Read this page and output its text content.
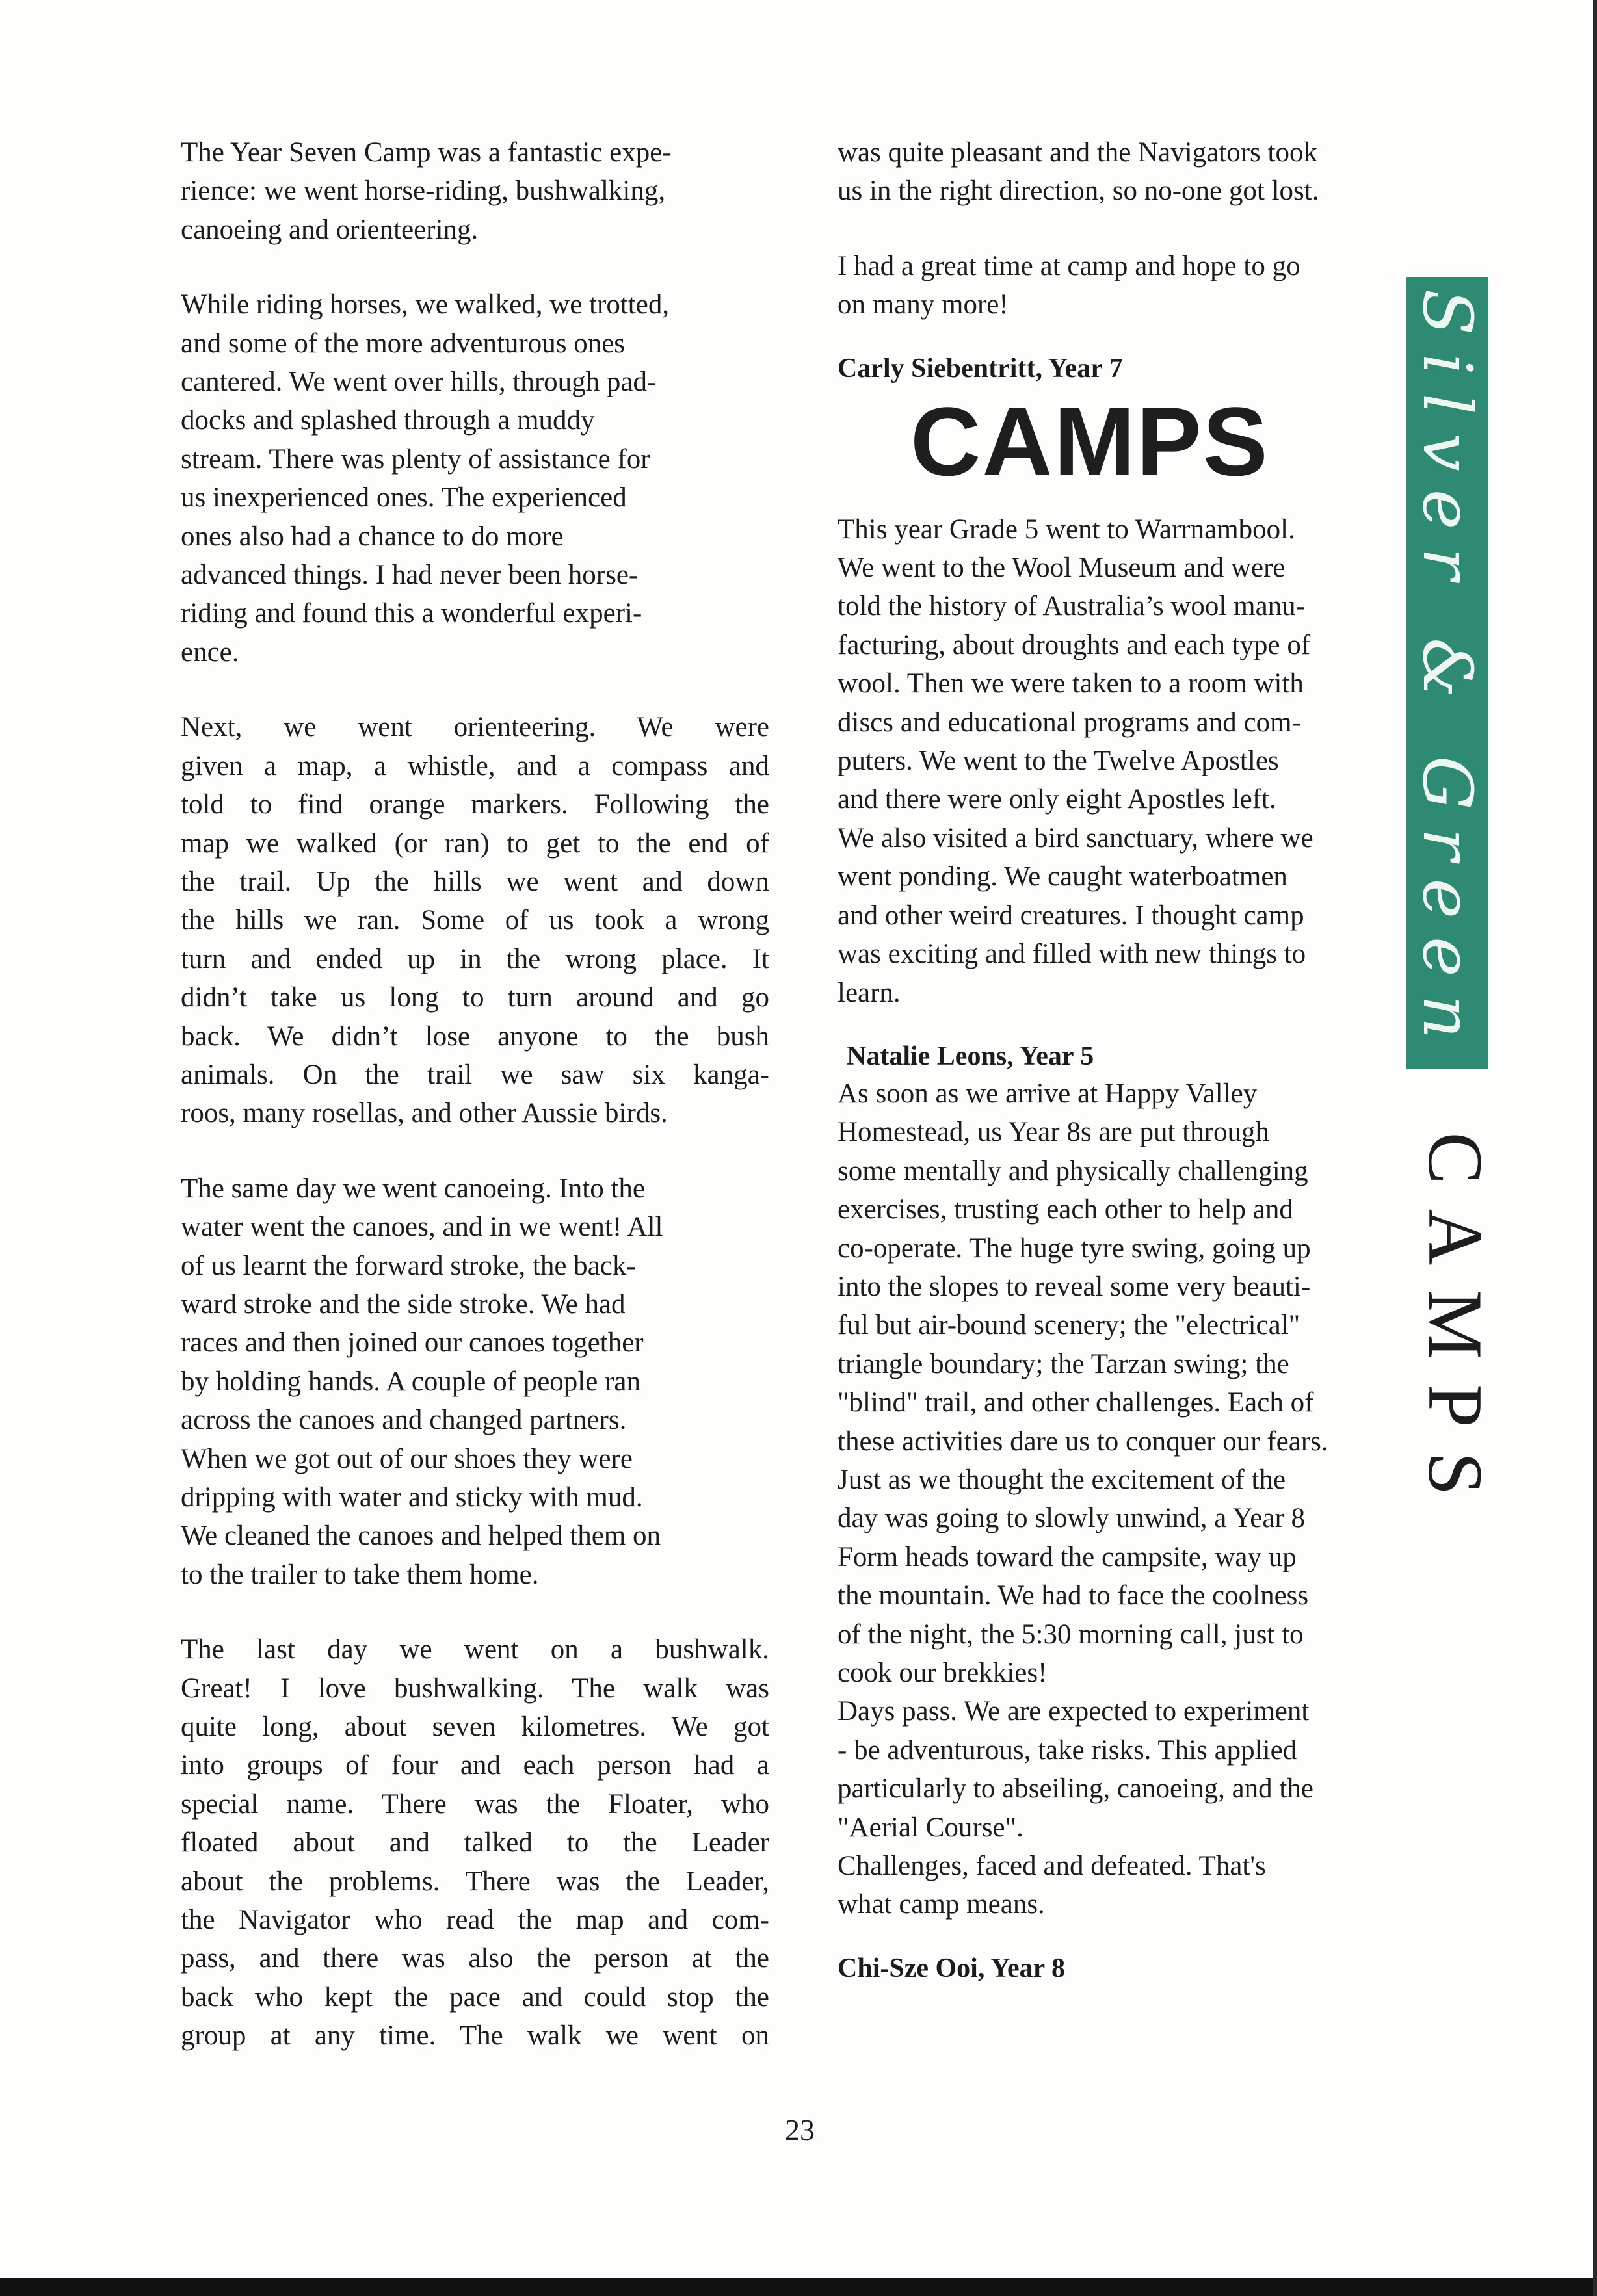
The Year Seven Camp was a fantastic expe-
rience: we went horse-riding, bushwalking,
canoeing and orienteering.
While riding horses, we walked, we trotted,
and some of the more adventurous ones
cantered. We went over hills, through pad-
docks and splashed through a muddy
stream. There was plenty of assistance for
us inexperienced ones. The experienced
ones also had a chance to do more
advanced things. I had never been horse-
riding and found this a wonderful experi-
ence.
Next, we went orienteering. We were
given a map, a whistle, and a compass and
told to find orange markers. Following the
map we walked (or ran) to get to the end of
the trail. Up the hills we went and down
the hills we ran. Some of us took a wrong
turn and ended up in the wrong place. It
didn’t take us long to turn around and go
back. We didn’t lose anyone to the bush
animals. On the trail we saw six kanga-
roos, many rosellas, and other Aussie birds.
The same day we went canoeing. Into the
water went the canoes, and in we went! All
of us learnt the forward stroke, the back-
ward stroke and the side stroke. We had
races and then joined our canoes together
by holding hands. A couple of people ran
across the canoes and changed partners.
When we got out of our shoes they were
dripping with water and sticky with mud.
We cleaned the canoes and helped them on
to the trailer to take them home.
The last day we went on a bushwalk.
Great! I love bushwalking. The walk was
quite long, about seven kilometres. We got
into groups of four and each person had a
special name. There was the Floater, who
floated about and talked to the Leader
about the problems. There was the Leader,
the Navigator who read the map and com-
pass, and there was also the person at the
back who kept the pace and could stop the
group at any time. The walk we went on
was quite pleasant and the Navigators took
us in the right direction, so no-one got lost.
I had a great time at camp and hope to go
on many more!

Carly Siebentritt, Year 7

CAMPS
This year Grade 5 went to Warrnambool.
We went to the Wool Museum and were
told the history of Australia’s wool manu-
facturing, about droughts and each type of
wool. Then we were taken to a room with
discs and educational programs and com-
puters. We went to the Twelve Apostles
and there were only eight Apostles left.
We also visited a bird sanctuary, where we
went ponding. We caught waterboatmen
and other weird creatures. I thought camp
was exciting and filled with new things to
learn.

Natalie Leons, Year 5

As soon as we arrive at Happy Valley
Homestead, us Year 8s are put through
some mentally and physically challenging
exercises, trusting each other to help and
co-operate. The huge tyre swing, going up
into the slopes to reveal some very beauti-
ful but air-bound scenery; the "electrical"
triangle boundary; the Tarzan swing; the
"blind" trail, and other challenges. Each of
these activities dare us to conquer our fears.
Just as we thought the excitement of the
day was going to slowly unwind, a Year 8
Form heads toward the campsite, way up
the mountain. We had to face the coolness
of the night, the 5:30 morning call, just to
cook our brekkies!
Days pass. We are expected to experiment
- be adventurous, take risks. This applied
particularly to abseiling, canoeing, and the
"Aerial Course".
Challenges, faced and defeated. That's
what camp means.

Chi-Sze Ooi, Year 8

Silver & Green
CAMPS
23
